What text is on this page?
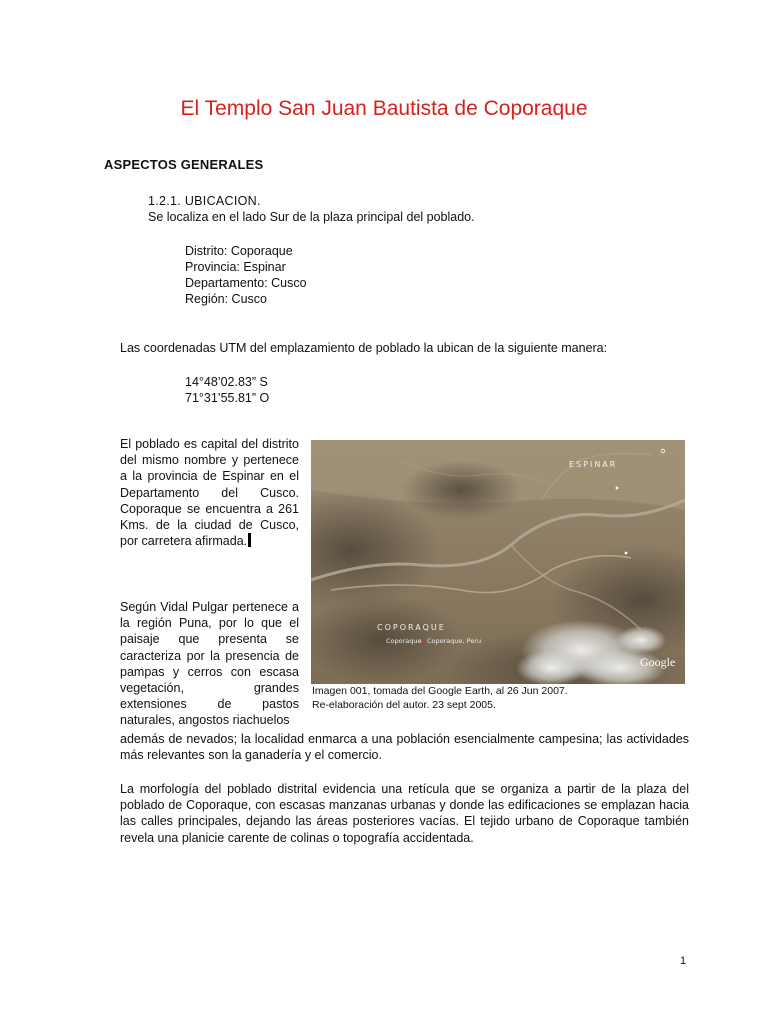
El Templo San Juan Bautista de Coporaque
ASPECTOS GENERALES
1.2.1. UBICACION.
Se localiza en el lado Sur de la plaza principal del poblado.
Distrito: Coporaque
Provincia: Espinar
Departamento: Cusco
Región: Cusco
Las coordenadas UTM del emplazamiento de poblado la ubican de la siguiente manera:
14°48’02.83” S
71°31’55.81” O

El poblado es capital del distrito del mismo nombre y pertenece a la provincia de Espinar en el Departamento del Cusco. Coporaque se encuentra a 261 Kms. de la ciudad de Cusco, por carretera afirmada.

Según Vidal Pulgar pertenece a la región Puna, por lo que el paisaje que presenta se caracteriza por la presencia de pampas y cerros con escasa vegetación, grandes extensiones de pastos naturales, angostos riachuelos

además de nevados; la localidad enmarca a una población esencialmente campesina; las actividades más relevantes son la ganadería y el comercio.

La morfología del poblado distrital evidencia una retícula que se organiza a partir de la plaza del poblado de Coporaque, con escasas manzanas urbanas y donde las edificaciones se emplazan hacia las calles principales, dejando las áreas posteriores vacías. El tejido urbano de Coporaque también revela una planicie carente de colinas o topografía accidentada.

ESPINAR
COPORAQUE
Coporaque Coporaque, Peru
Google
Imagen 001, tomada del Google Earth, al 26 Jun 2007.
Re-elaboración del autor. 23 sept 2005.
1
